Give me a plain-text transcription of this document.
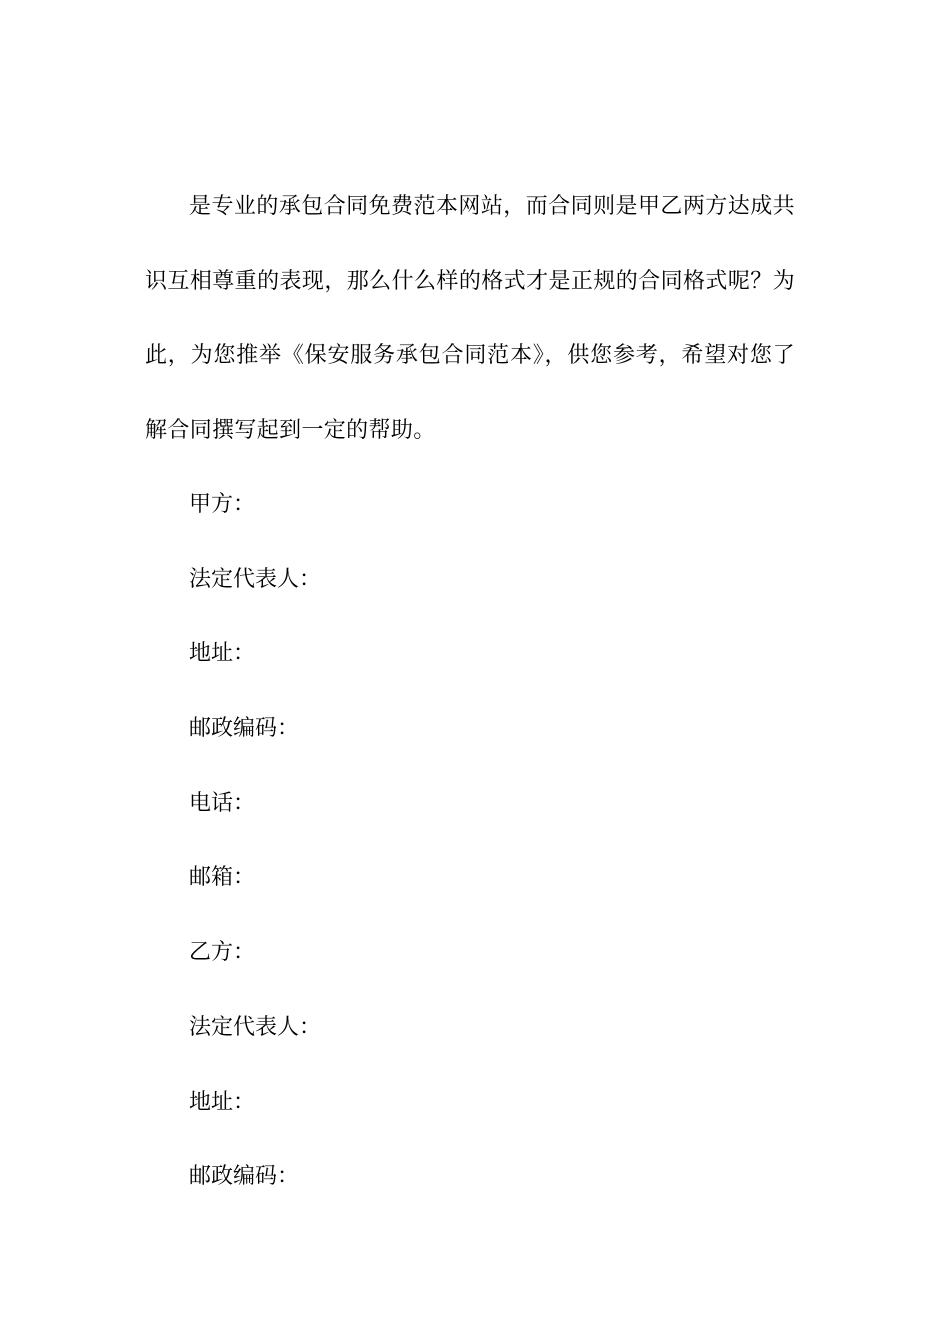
是专业的承包合同免费范本网站，而合同则是甲乙两方达成共识互相尊重的表现，那么什么样的格式才是正规的合同格式呢？为此，为您推举《保安服务承包合同范本》，供您参考，希望对您了解合同撰写起到一定的帮助。

甲方：
法定代表人：
地址：
邮政编码：
电话：
邮箱：
乙方：
法定代表人：
地址：
邮政编码：
